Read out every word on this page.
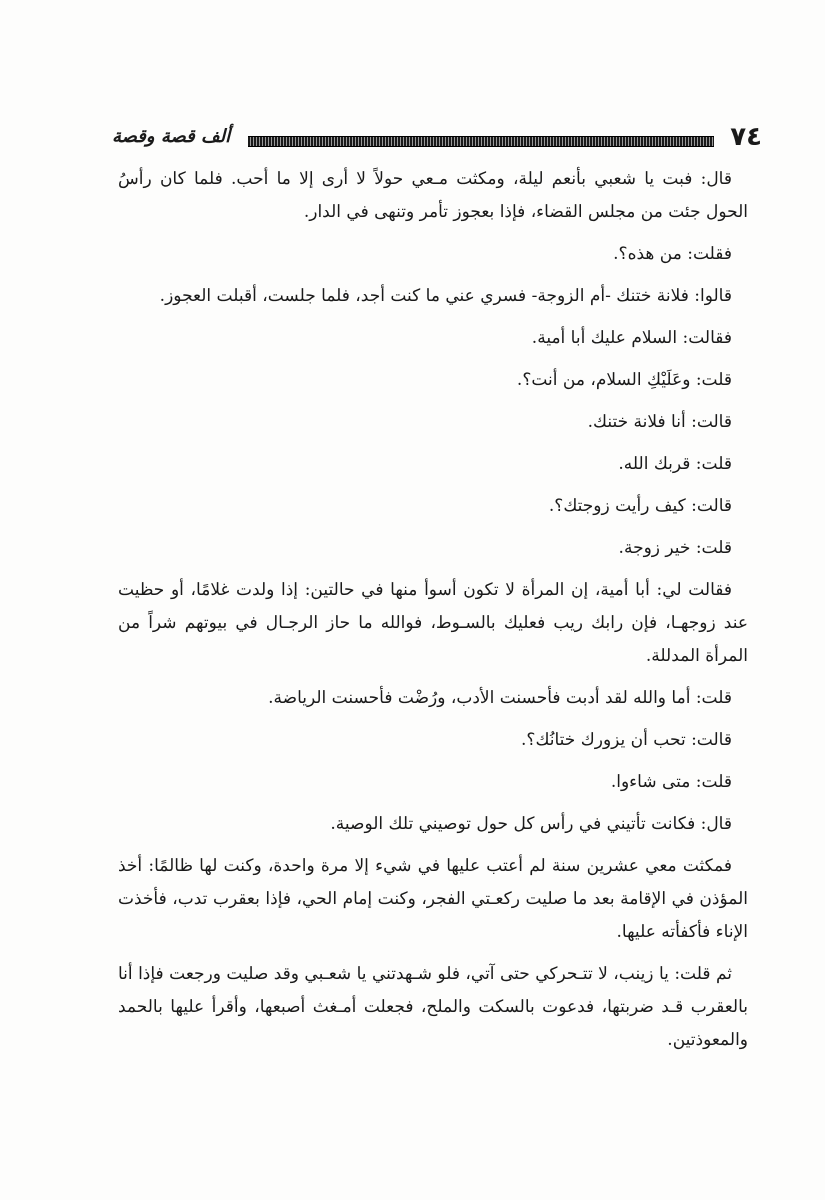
٧٤
ألف قصة وقصة

قال: فبت يا شعبي بأنعم ليلة، ومكثت مـعي حولاً لا أرى إلا ما أحب. فلما كان رأسُ الحول جئت من مجلس القضاء، فإذا بعجوز تأمر وتنهى في الدار.

فقلت: من هذه؟.

قالوا: فلانة ختنك -أم الزوجة- فسري عني ما كنت أجد، فلما جلست، أقبلت العجوز.

فقالت: السلام عليك أبا أمية.

قلت: وعَلَيْكِ السلام، من أنت؟.

قالت: أنا فلانة ختنك.

قلت: قربك الله.

قالت: كيف رأيت زوجتك؟.

قلت: خير زوجة.

فقالت لي: أبا أمية، إن المرأة لا تكون أسوأ منها في حالتين: إذا ولدت غلامًا، أو حظيت عند زوجهـا، فإن رابك ريب فعليك بالسـوط، فوالله ما حاز الرجـال في بيوتهم شراً من المرأة المدللة.

قلت: أما والله لقد أدبت فأحسنت الأدب، ورُضْت فأحسنت الرياضة.

قالت: تحب أن يزورك ختانُك؟.

قلت: متى شاءوا.

قال: فكانت تأتيني في رأس كل حول توصيني تلك الوصية.

فمكثت معي عشرين سنة لم أعتب عليها في شيء إلا مرة واحدة، وكنت لها ظالمًا: أخذ المؤذن في الإقامة بعد ما صليت ركعـتي الفجر، وكنت إمام الحي، فإذا بعقرب تدب، فأخذت الإناء فأكفأته عليها.

ثم قلت: يا زينب، لا تتـحركي حتى آتي، فلو شـهدتني يا شعـبي وقد صليت ورجعت فإذا أنا بالعقرب قـد ضربتها، فدعوت بالسكت والملح، فجعلت أمـغث أصبعها، وأقرأ عليها بالحمد والمعوذتين.
